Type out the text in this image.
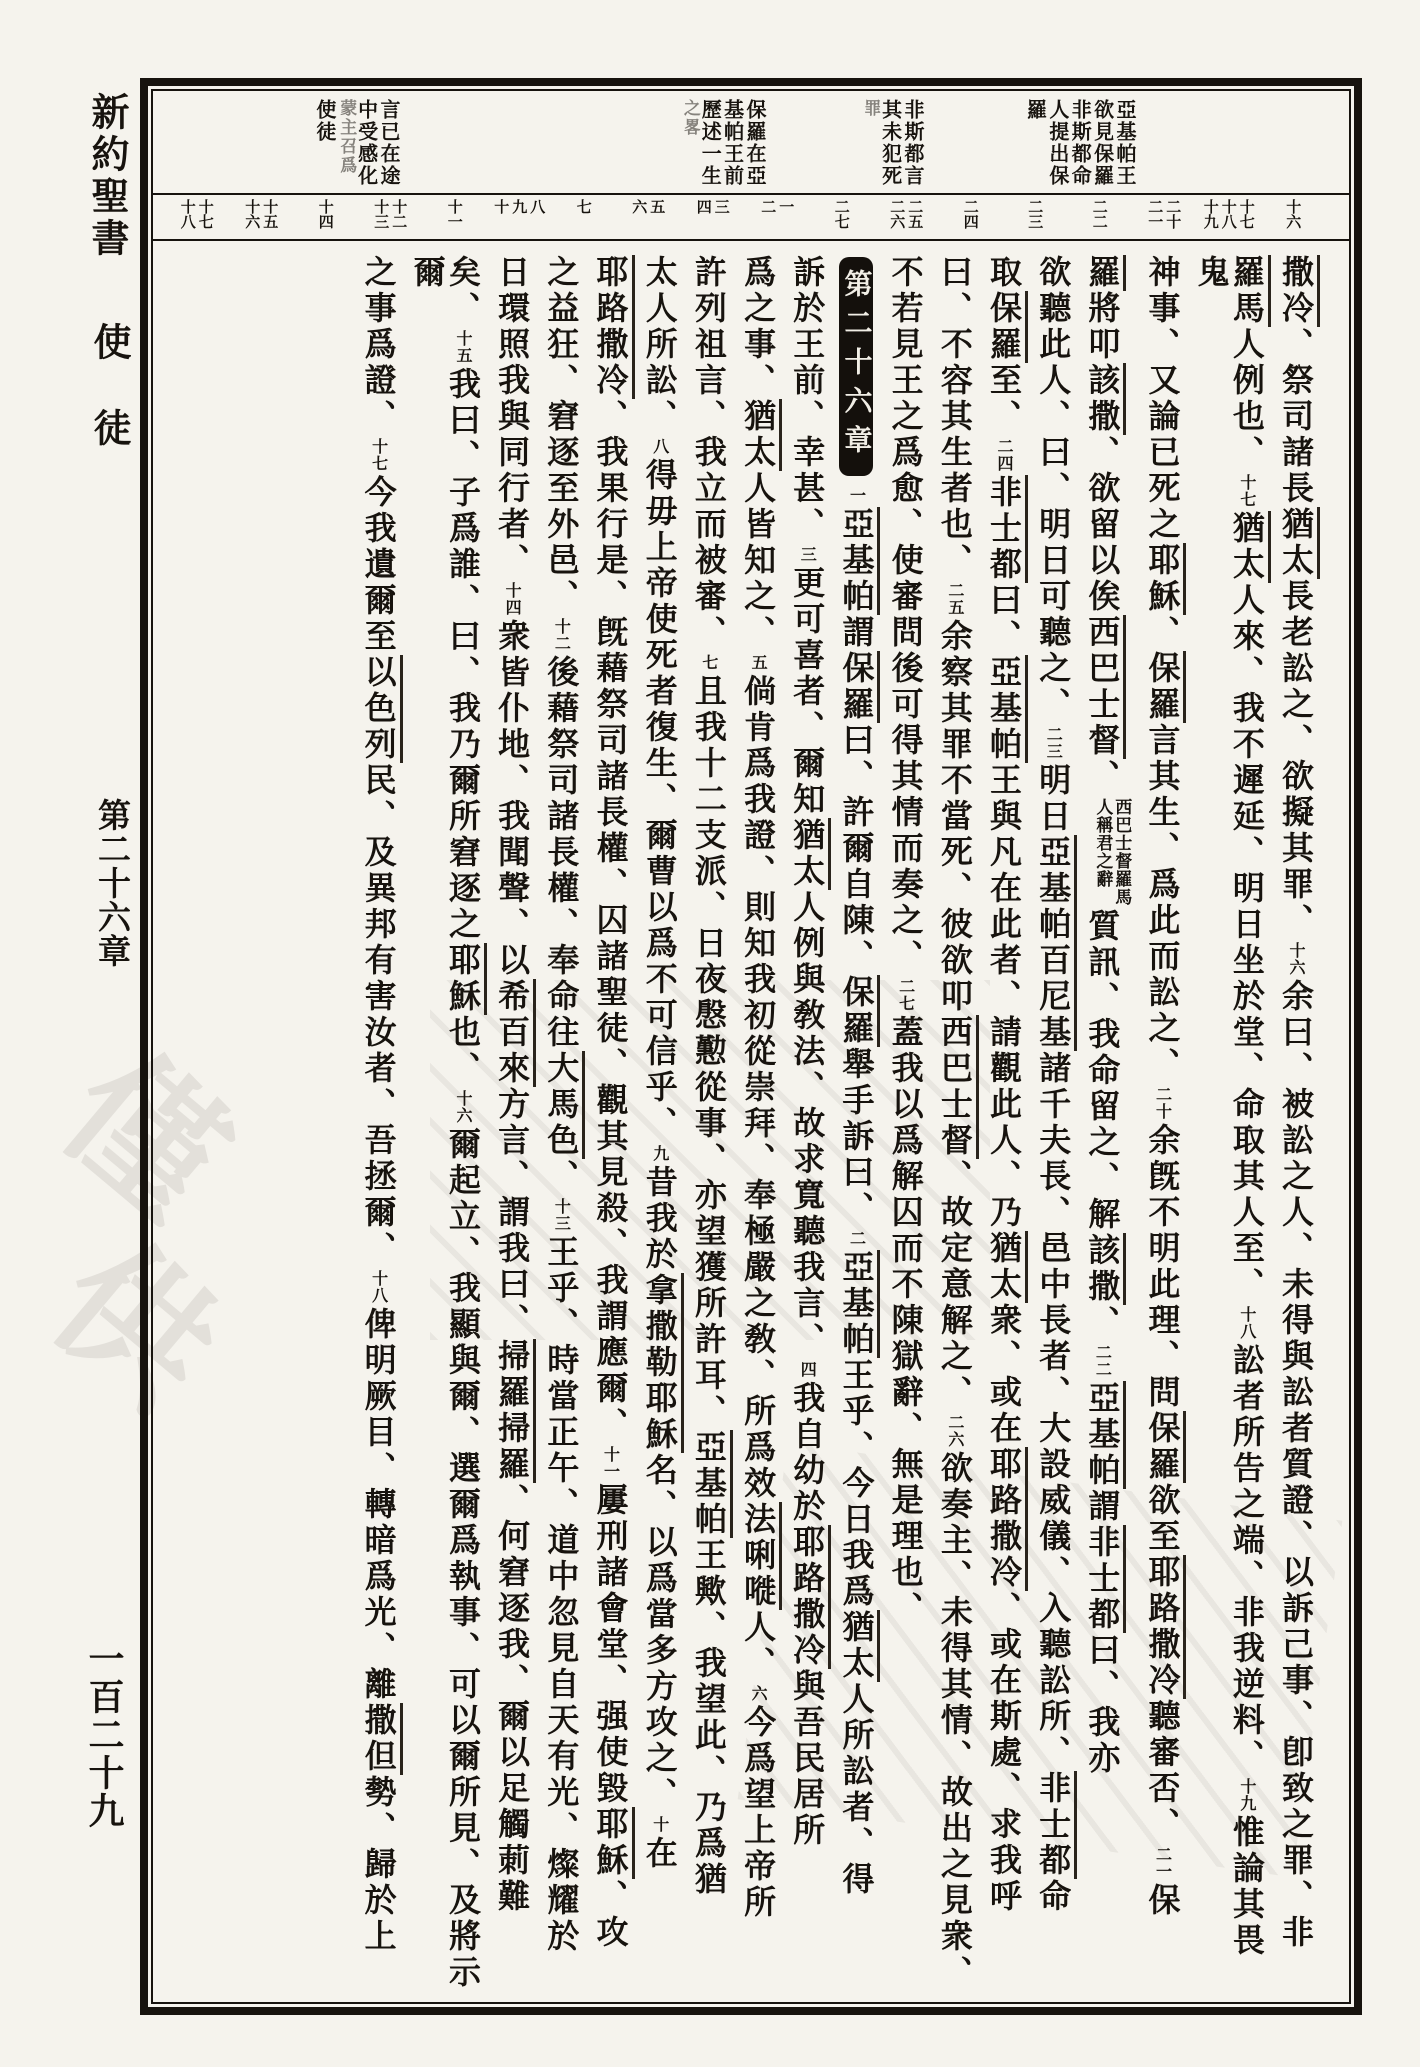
僅
供
新約聖書
使徒
第二十六章
一百二十九
亞基帕王
欲見保羅
非斯都命
人提出保
羅
非斯都言
其未犯死
罪
保羅在亞
基帕王前
歷述一生
之畧
言已在途
中受感化
蒙主召爲
使徒
十六
十七
十八
十九
二十
二一
二二
二三
二四
二五
二六
二七
一
二
三
四
五
六
七
八
九
十
十一
十二
十三
十四
十五
十六
十七
十八
撒冷、祭司諸長猶太長老訟之、欲擬其罪、十六余曰、被訟之人、未得與訟者質證、以訴己事、卽致之罪、非
羅馬人例也、十七猶太人來、我不遲延、明日坐於堂、命取其人至、十八訟者所告之端、非我逆料、十九惟論其畏鬼
神事、又論已死之耶穌、保羅言其生、爲此而訟之、二十余旣不明此理、問保羅欲至耶路撒冷聽審否、二一保
羅將叩該撒、欲留以俟西巴士督、
西巴士督羅馬
人稱君之辭
質訊、我命留之、解該撒、二二亞基帕謂非士都曰、我亦
欲聽此人、曰、明日可聽之、二三明日亞基帕百尼基諸千夫長、邑中長者、大設威儀、入聽訟所、非士都命
取保羅至、二四非士都曰、亞基帕王與凡在此者、請觀此人、乃猶太衆、或在耶路撒冷、或在斯處、求我呼
曰、不容其生者也、二五余察其罪不當死、彼欲叩西巴士督、故定意解之、二六欲奏主、未得其情、故出之見衆、
不若見王之爲愈、使審問後可得其情而奏之、二七蓋我以爲解囚而不陳獄辭、無是理也、
第二十六章一亞基帕謂保羅曰、許爾自陳、保羅舉手訴曰、二亞基帕王乎、今日我爲猶太人所訟者、得
訴於王前、幸甚、三更可喜者、爾知猶太人例與敎法、故求寬聽我言、四我自幼於耶路撒冷與吾民居所
爲之事、猶太人皆知之、五倘肯爲我證、則知我初從崇拜、奉極嚴之敎、所爲效法唎嘥人、六今爲望上帝所
許列祖言、我立而被審、七且我十二支派、日夜慇懃從事、亦望獲所許耳、亞基帕王歟、我望此、乃爲猶
太人所訟、八得毋上帝使死者復生、爾曹以爲不可信乎、九昔我於拿撒勒耶穌名、以爲當多方攻之、十在
耶路撒冷、我果行是、旣藉祭司諸長權、囚諸聖徒、觀其見殺、我謂應爾、十一屢刑諸會堂、强使毀耶穌、攻
之益狂、窘逐至外邑、十二後藉祭司諸長權、奉命往大馬色、十三王乎、時當正午、道中忽見自天有光、燦耀於
日環照我與同行者、十四衆皆仆地、我聞聲、以希百來方言、謂我曰、掃羅掃羅、何窘逐我、爾以足觸莿難
矣、十五我曰、子爲誰、曰、我乃爾所窘逐之耶穌也、十六爾起立、我顯與爾、選爾爲執事、可以爾所見、及將示爾
之事爲證、十七今我遺爾至以色列民、及異邦有害汝者、吾拯爾、十八俾明厥目、轉暗爲光、離撒但勢、歸於上
